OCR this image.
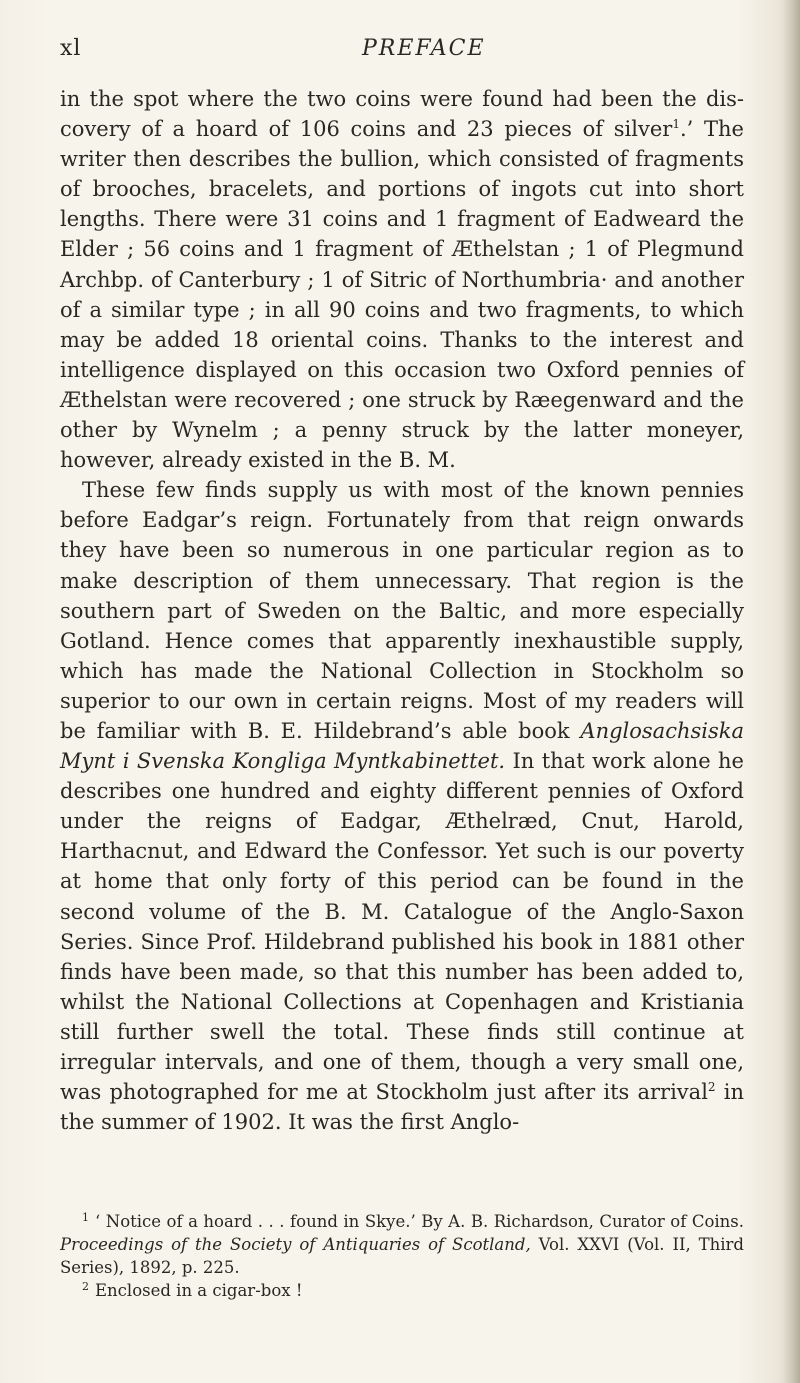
xl	PREFACE

in the spot where the two coins were found had been the discovery of a hoard of 106 coins and 23 pieces of silver$^1$.’ The writer then describes the bullion, which consisted of fragments of brooches, bracelets, and portions of ingots cut into short lengths. There were 31 coins and 1 fragment of Eadweard the Elder ; 56 coins and 1 fragment of Æthelstan ; 1 of Plegmund Archbp. of Canterbury ; 1 of Sitric of Northumbria· and another of a similar type ; in all 90 coins and two fragments, to which may be added 18 oriental coins. Thanks to the interest and intelligence displayed on this occasion two Oxford pennies of Æthelstan were recovered ; one struck by Ræegenward and the other by Wynelm ; a penny struck by the latter moneyer, however, already existed in the B. M.

These few finds supply us with most of the known pennies before Eadgar’s reign. Fortunately from that reign onwards they have been so numerous in one particular region as to make description of them unnecessary. That region is the southern part of Sweden on the Baltic, and more especially Gotland. Hence comes that apparently inexhaustible supply, which has made the National Collection in Stockholm so superior to our own in certain reigns. Most of my readers will be familiar with B. E. Hildebrand’s able book Anglosachsiska Mynt i Svenska Kongliga Myntkabinettet. In that work alone he describes one hundred and eighty different pennies of Oxford under the reigns of Eadgar, Æthelræd, Cnut, Harold, Harthacnut, and Edward the Confessor. Yet such is our poverty at home that only forty of this period can be found in the second volume of the B. M. Catalogue of the Anglo-Saxon Series. Since Prof. Hildebrand published his book in 1881 other finds have been made, so that this number has been added to, whilst the National Collections at Copenhagen and Kristiania still further swell the total. These finds still continue at irregular intervals, and one of them, though a very small one, was photographed for me at Stockholm just after its arrival$^2$ in the summer of 1902. It was the first Anglo-

$^1$ ‘ Notice of a hoard . . . found in Skye.’ By A. B. Richardson, Curator of Coins. Proceedings of the Society of Antiquaries of Scotland, Vol. XXVI (Vol. II, Third Series), 1892, p. 225.

$^2$ Enclosed in a cigar-box !
